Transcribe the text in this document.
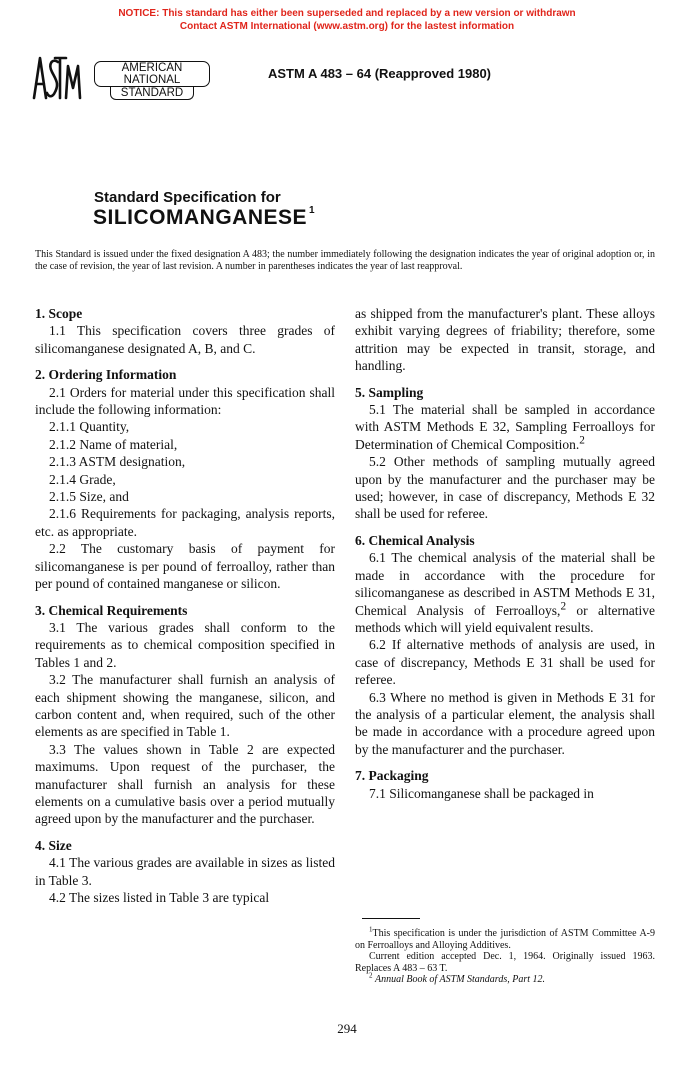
NOTICE: This standard has either been superseded and replaced by a new version or withdrawn
Contact ASTM International (www.astm.org) for the lastest information
AMERICAN NATIONAL STANDARD
ASTM A 483 – 64 (Reapproved 1980)
Standard Specification for
SILICOMANGANESE $^1$
This Standard is issued under the fixed designation A 483; the number immediately following the designation indicates the year of original adoption or, in the case of revision, the year of last revision. A number in parentheses indicates the year of last reapproval.
1. Scope

1.1 This specification covers three grades of silicomanganese designated A, B, and C.

2. Ordering Information

2.1 Orders for material under this specification shall include the following information:

2.1.1 Quantity,

2.1.2 Name of material,

2.1.3 ASTM designation,

2.1.4 Grade,

2.1.5 Size, and

2.1.6 Requirements for packaging, analysis reports, etc. as appropriate.

2.2 The customary basis of payment for silicomanganese is per pound of ferroalloy, rather than per pound of contained manganese or silicon.

3. Chemical Requirements

3.1 The various grades shall conform to the requirements as to chemical composition specified in Tables 1 and 2.

3.2 The manufacturer shall furnish an analysis of each shipment showing the manganese, silicon, and carbon content and, when required, such of the other elements as are specified in Table 1.

3.3 The values shown in Table 2 are expected maximums. Upon request of the purchaser, the manufacturer shall furnish an analysis for these elements on a cumulative basis over a period mutually agreed upon by the manufacturer and the purchaser.

4. Size

4.1 The various grades are available in sizes as listed in Table 3.

4.2 The sizes listed in Table 3 are typical

as shipped from the manufacturer's plant. These alloys exhibit varying degrees of friability; therefore, some attrition may be expected in transit, storage, and handling.

5. Sampling

5.1 The material shall be sampled in accordance with ASTM Methods E 32, Sampling Ferroalloys for Determination of Chemical Composition.$^2$

5.2 Other methods of sampling mutually agreed upon by the manufacturer and the purchaser may be used; however, in case of discrepancy, Methods E 32 shall be used for referee.

6. Chemical Analysis

6.1 The chemical analysis of the material shall be made in accordance with the procedure for silicomanganese as described in ASTM Methods E 31, Chemical Analysis of Ferroalloys,$^2$ or alternative methods which will yield equivalent results.

6.2 If alternative methods of analysis are used, in case of discrepancy, Methods E 31 shall be used for referee.

6.3 Where no method is given in Methods E 31 for the analysis of a particular element, the analysis shall be made in accordance with a procedure agreed upon by the manufacturer and the purchaser.

7. Packaging

7.1 Silicomanganese shall be packaged in

$^1$This specification is under the jurisdiction of ASTM Committee A-9 on Ferroalloys and Alloying Additives.

Current edition accepted Dec. 1, 1964. Originally issued 1963. Replaces A 483 – 63 T.

$^2$ Annual Book of ASTM Standards, Part 12.

294
